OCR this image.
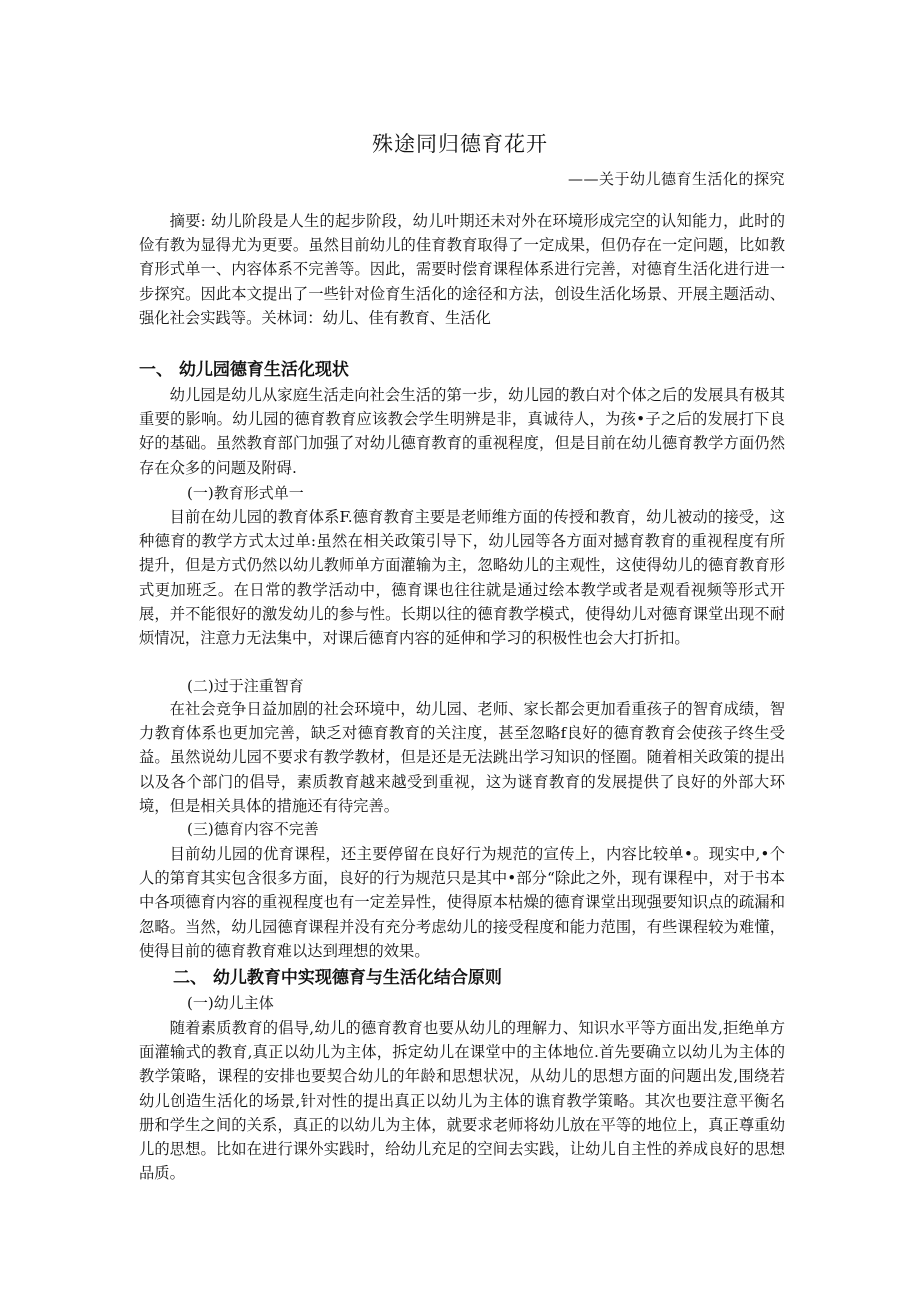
殊途同归德育花开
——关于幼儿德育生活化的探究

摘要: 幼儿阶段是人生的起步阶段，幼儿叶期还未对外在环境形成完空的认知能力，此时的俭有教为显得尤为更要。虽然目前幼儿的佳育教育取得了一定成果，但仍存在一定问题，比如教育形式单一、内容体系不完善等。因此，需要时偿育课程体系进行完善，对德育生活化进行进一步探究。因此本文提出了一些针对俭育生活化的途径和方法，创设生活化场景、开展主题活动、强化社会实践等。关林词：幼儿、佳有教育、生活化

一、 幼儿园德育生活化现状

幼儿园是幼儿从家庭生活走向社会生活的第一步，幼儿园的教白对个体之后的发展具有极其重要的影响。幼儿园的德育教育应该教会学生明辨是非，真诚待人，为孩•子之后的发展打下良好的基础。虽然教育部门加强了对幼儿德育教育的重视程度，但是目前在幼儿德育教学方面仍然存在众多的问题及附碍.

(一)教育形式单一

目前在幼儿园的教育体系F.德育教育主要是老师维方面的传授和教育，幼儿被动的接受，这种德育的教学方式太过单:虽然在相关政策引导下，幼儿园等各方面对撼育教育的重视程度有所提升，但是方式仍然以幼儿教师单方面灌输为主，忽略幼儿的主观性，这使得幼儿的德育教育形式更加班乏。在日常的教学活动中，德育课也往往就是通过绘本教学或者是观看视频等形式开展，并不能很好的激发幼儿的参与性。长期以往的德育教学模式，使得幼儿对德育课堂出现不耐烦情况，注意力无法集中，对课后德育内容的延伸和学习的积极性也会大打折扣。

(二)过于注重智育

在社会竞争日益加剧的社会环境中，幼儿园、老师、家长都会更加看重孩子的智育成绩，智力教育体系也更加完善，缺乏对德育教育的关注度，甚至忽略f良好的德育教育会使孩子终生受益。虽然说幼儿园不要求有教学教材，但是还是无法跳出学习知识的怪圈。随着相关政策的提出以及各个部门的倡导，素质教育越来越受到重视，这为谜育教育的发展提供了良好的外部大环境，但是相关具体的措施还有待完善。

(三)德育内容不完善

目前幼儿园的优育课程，还主要停留在良好行为规范的宣传上，内容比较单•。现实中,•个人的第育其实包含很多方面，良好的行为规范只是其中•部分“除此之外，现有课程中，对于书本中各项德育内容的重视程度也有一定差异性，使得原本枯燥的德育课堂出现强要知识点的疏漏和忽略。当然，幼儿园德育课程并没有充分考虑幼儿的接受程度和能力范围，有些课程较为难懂，使得目前的德育教育难以达到理想的效果。

二、 幼儿教育中实现德育与生活化结合原则

(一)幼儿主体

随着素质教育的倡导,幼儿的德育教育也要从幼儿的理解力、知识水平等方面出发,拒绝单方面灌输式的教育,真正以幼儿为主体，拆定幼儿在课堂中的主体地位.首先要确立以幼儿为主体的教学策略，课程的安排也要契合幼儿的年龄和思想状况，从幼儿的思想方面的问题出发,围绕若幼儿创造生活化的场景,针对性的提出真正以幼儿为主体的谯育教学策略。其次也要注意平衡名册和学生之间的关系，真正的以幼儿为主体，就要求老师将幼儿放在平等的地位上，真正尊重幼儿的思想。比如在进行课外实践时，给幼儿充足的空间去实践，让幼儿自主性的养成良好的思想品质。
